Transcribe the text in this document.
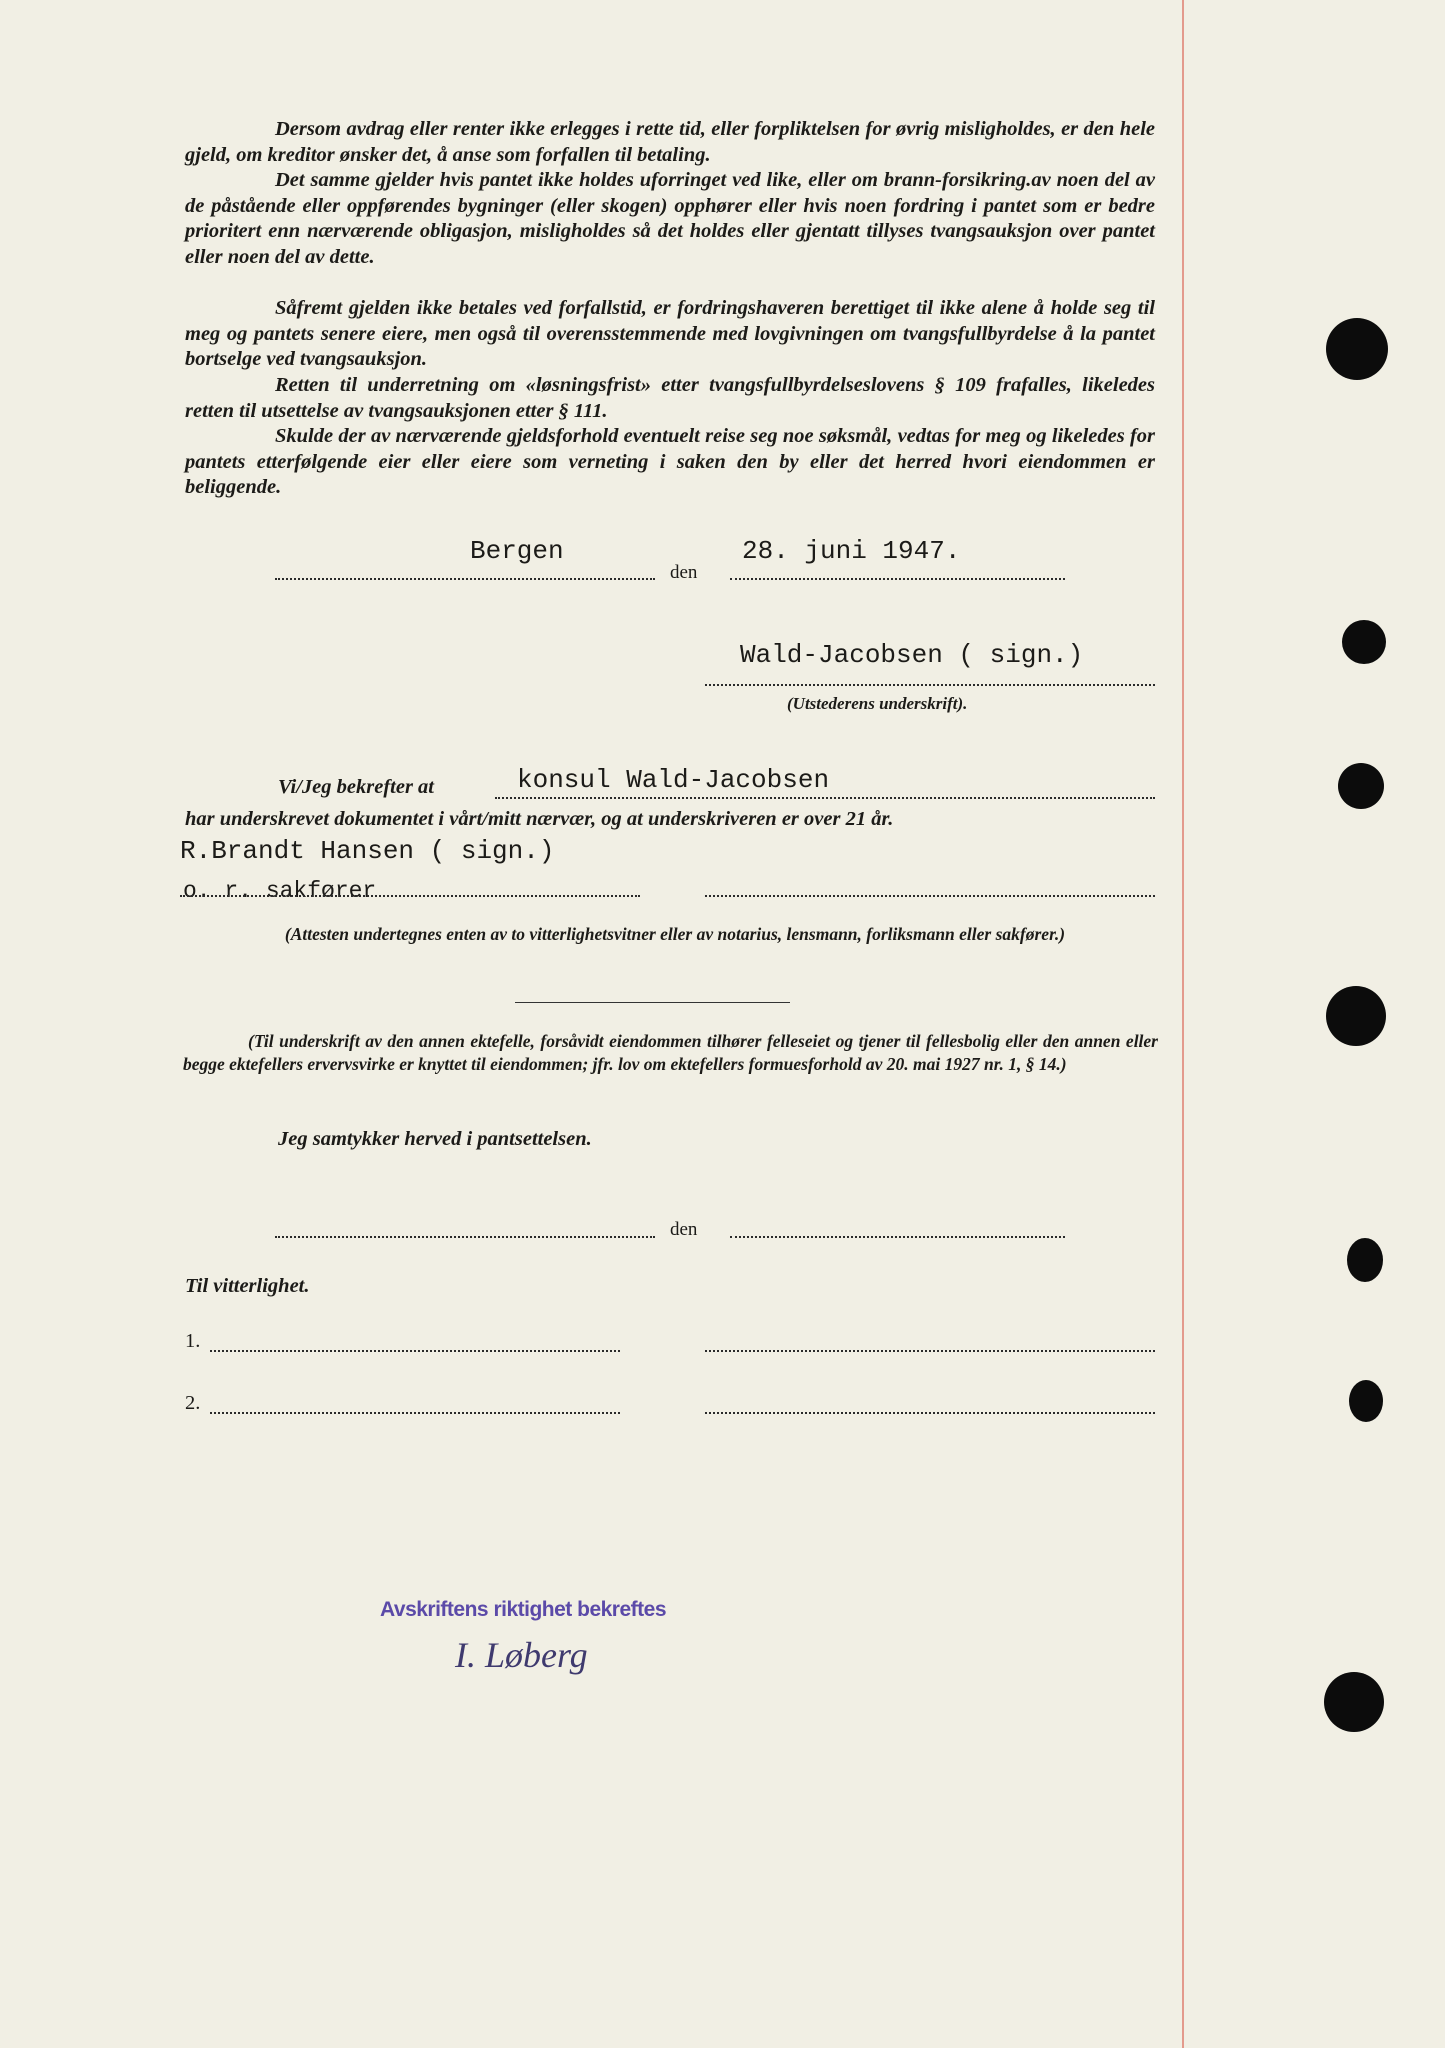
Dersom avdrag eller renter ikke erlegges i rette tid, eller forpliktelsen for øvrig misligholdes, er den hele gjeld, om kreditor ønsker det, å anse som forfallen til betaling.

Det samme gjelder hvis pantet ikke holdes uforringet ved like, eller om brann-forsikring.av noen del av de påstående eller oppførendes bygninger (eller skogen) opphører eller hvis noen fordring i pantet som er bedre prioritert enn nærværende obligasjon, misligholdes så det holdes eller gjentatt tillyses tvangsauksjon over pantet eller noen del av dette.

Såfremt gjelden ikke betales ved forfallstid, er fordringshaveren berettiget til ikke alene å holde seg til meg og pantets senere eiere, men også til overensstemmende med lovgivningen om tvangsfullbyrdelse å la pantet bortselge ved tvangsauksjon.

Retten til underretning om «løsningsfrist» etter tvangsfullbyrdelseslovens § 109 frafalles, likeledes retten til utsettelse av tvangsauksjonen etter § 111.

Skulde der av nærværende gjeldsforhold eventuelt reise seg noe søksmål, vedtas for meg og likeledes for pantets etterfølgende eier eller eiere som verneting i saken den by eller det herred hvori eiendommen er beliggende.

Bergen
den
28. juni 1947.
Wald-Jacobsen ( sign.)
(Utstederens underskrift).
Vi/Jeg bekrefter at	konsul Wald-Jacobsen
har underskrevet dokumentet i vårt/mitt nærvær, og at underskriveren er over 21 år.
R.Brandt Hansen ( sign.)
o. r. sakfører
(Attesten undertegnes enten av to vitterlighetsvitner eller av notarius, lensmann, forliksmann eller sakfører.)
(Til underskrift av den annen ektefelle, forsåvidt eiendommen tilhører felleseiet og tjener til fellesbolig eller den annen eller begge ektefellers ervervsvirke er knyttet til eiendommen; jfr. lov om ektefellers formuesforhold av 20. mai 1927 nr. 1, § 14.)
Jeg samtykker herved i pantsettelsen.
den
Til vitterlighet.
1.
2.
Avskriftens riktighet bekreftes
I. Løberg
